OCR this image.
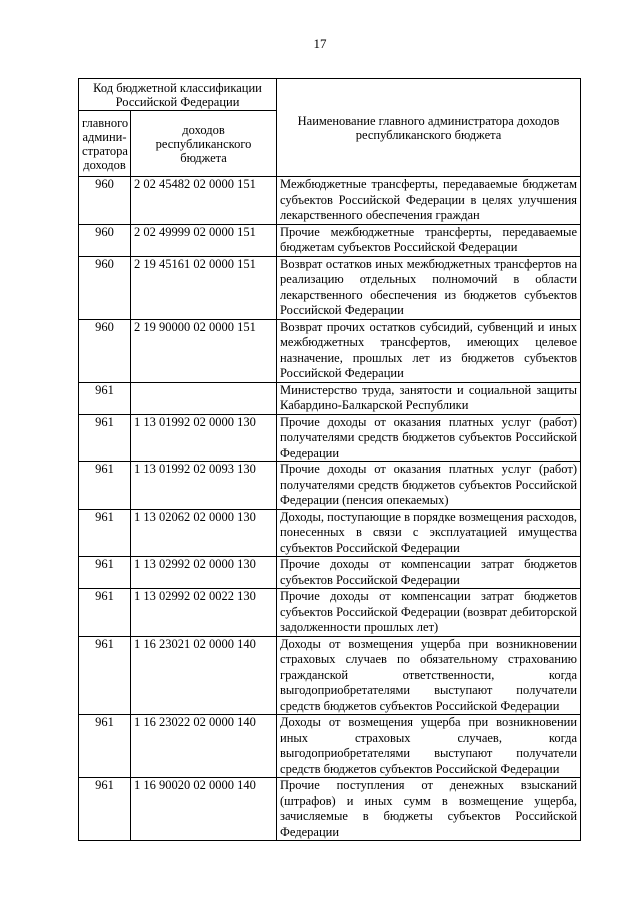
17
Код бюджетной классификации Российской Федерации		Наименование главного администратора доходов республиканского бюджета
главного админи-стратора доходов	доходов республиканского бюджета	
960	2 02 45482 02 0000 151	Межбюджетные трансферты, передаваемые бюджетам субъектов Российской Федерации в целях улучшения лекарственного обеспечения граждан
960	2 02 49999 02 0000 151	Прочие межбюджетные трансферты, передаваемые бюджетам субъектов Российской Федерации
960	2 19 45161 02 0000 151	Возврат остатков иных межбюджетных трансфертов на реализацию отдельных полномочий в области лекарственного обеспечения из бюджетов субъектов Российской Федерации
960	2 19 90000 02 0000 151	Возврат прочих остатков субсидий, субвенций и иных межбюджетных трансфертов, имеющих целевое назначение, прошлых лет из бюджетов субъектов Российской Федерации
961		Министерство труда, занятости и социальной защиты Кабардино-Балкарской Республики
961	1 13 01992 02 0000 130	Прочие доходы от оказания платных услуг (работ) получателями средств бюджетов субъектов Российской Федерации
961	1 13 01992 02 0093 130	Прочие доходы от оказания платных услуг (работ) получателями средств бюджетов субъектов Российской Федерации (пенсия опекаемых)
961	1 13 02062 02 0000 130	Доходы, поступающие в порядке возмещения расходов, понесенных в связи с эксплуатацией имущества субъектов Российской Федерации
961	1 13 02992 02 0000 130	Прочие доходы от компенсации затрат бюджетов субъектов Российской Федерации
961	1 13 02992 02 0022 130	Прочие доходы от компенсации затрат бюджетов субъектов Российской Федерации (возврат дебиторской задолженности прошлых лет)
961	1 16 23021 02 0000 140	Доходы от возмещения ущерба при возникновении страховых случаев по обязательному страхованию гражданской ответственности, когда выгодоприобретателями выступают получатели средств бюджетов субъектов Российской Федерации
961	1 16 23022 02 0000 140	Доходы от возмещения ущерба при возникновении иных страховых случаев, когда выгодоприобретателями выступают получатели средств бюджетов субъектов Российской Федерации
961	1 16 90020 02 0000 140	Прочие поступления от денежных взысканий (штрафов) и иных сумм в возмещение ущерба, зачисляемые в бюджеты субъектов Российской Федерации
